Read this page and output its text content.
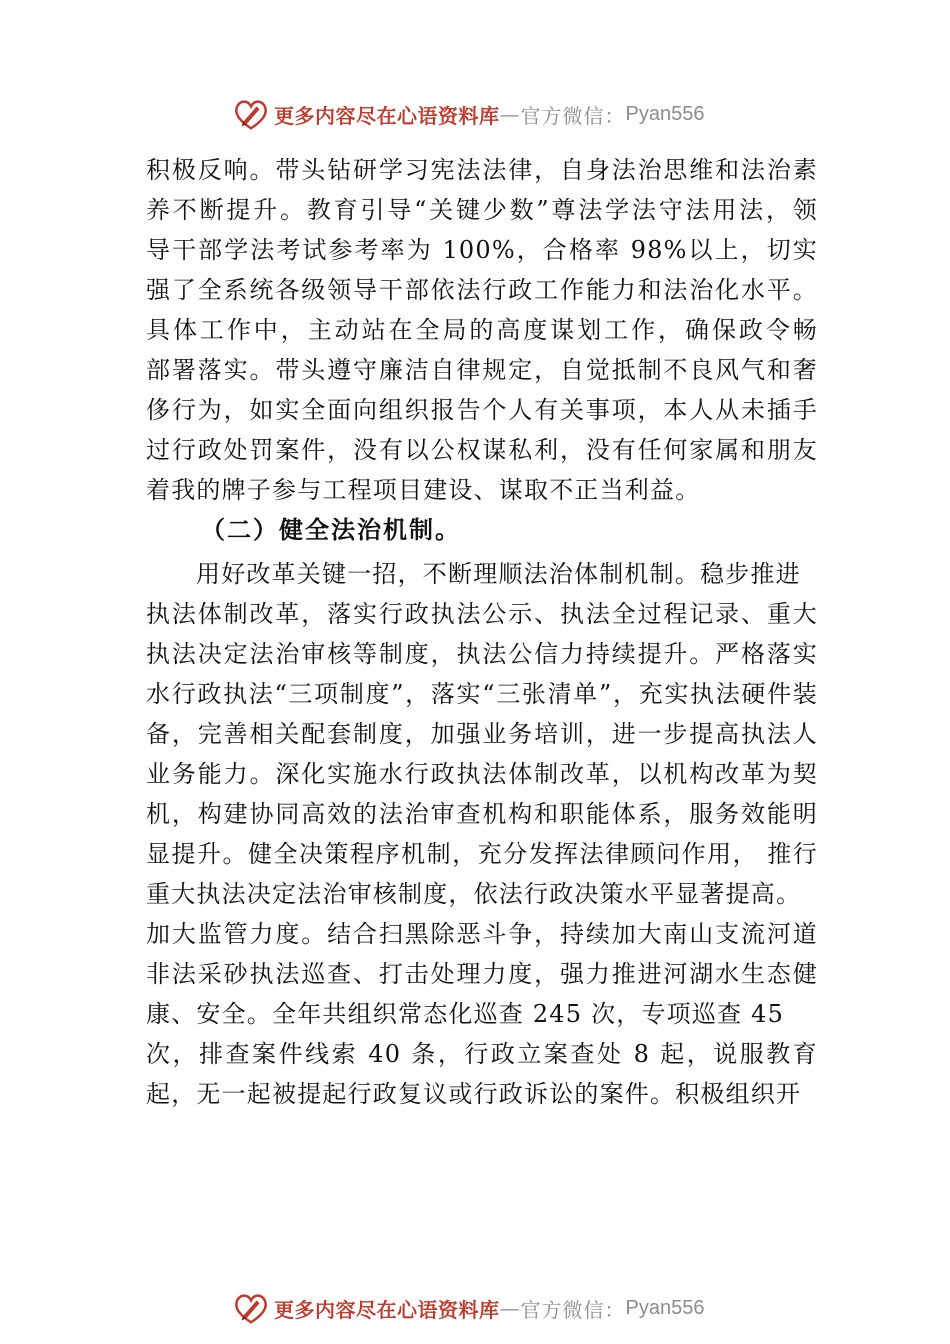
更多内容尽在心语资料库 — 官方微信： Pyan556
积极反响。带头钻研学习宪法法律，自身法治思维和法治素
养不断提升。教育引导“关键少数”尊法学法守法用法，领
导干部学法考试参考率为 100%，合格率 98%以上，切实
强了全系统各级领导干部依法行政工作能力和法治化水平。
具体工作中，主动站在全局的高度谋划工作，确保政令畅
部署落实。带头遵守廉洁自律规定，自觉抵制不良风气和奢
侈行为，如实全面向组织报告个人有关事项，本人从未插手
过行政处罚案件，没有以公权谋私利，没有任何家属和朋友
着我的牌子参与工程项目建设、谋取不正当利益。
（二）健全法治机制。
用好改革关键一招，不断理顺法治体制机制。稳步推进
执法体制改革，落实行政执法公示、执法全过程记录、重大
执法决定法治审核等制度，执法公信力持续提升。严格落实
水行政执法“三项制度”，落实“三张清单”，充实执法硬件装
备，完善相关配套制度，加强业务培训，进一步提高执法人
业务能力。深化实施水行政执法体制改革，以机构改革为契
机，构建协同高效的法治审查机构和职能体系，服务效能明
显提升。健全决策程序机制，充分发挥法律顾问作用， 推行
重大执法决定法治审核制度，依法行政决策水平显著提高。
加大监管力度。结合扫黑除恶斗争，持续加大南山支流河道
非法采砂执法巡查、打击处理力度，强力推进河湖水生态健
康、安全。全年共组织常态化巡查 245 次，专项巡查 45
次，排查案件线索 40 条，行政立案查处 8 起，说服教育
起，无一起被提起行政复议或行政诉讼的案件。积极组织开
更多内容尽在心语资料库 — 官方微信： Pyan556
